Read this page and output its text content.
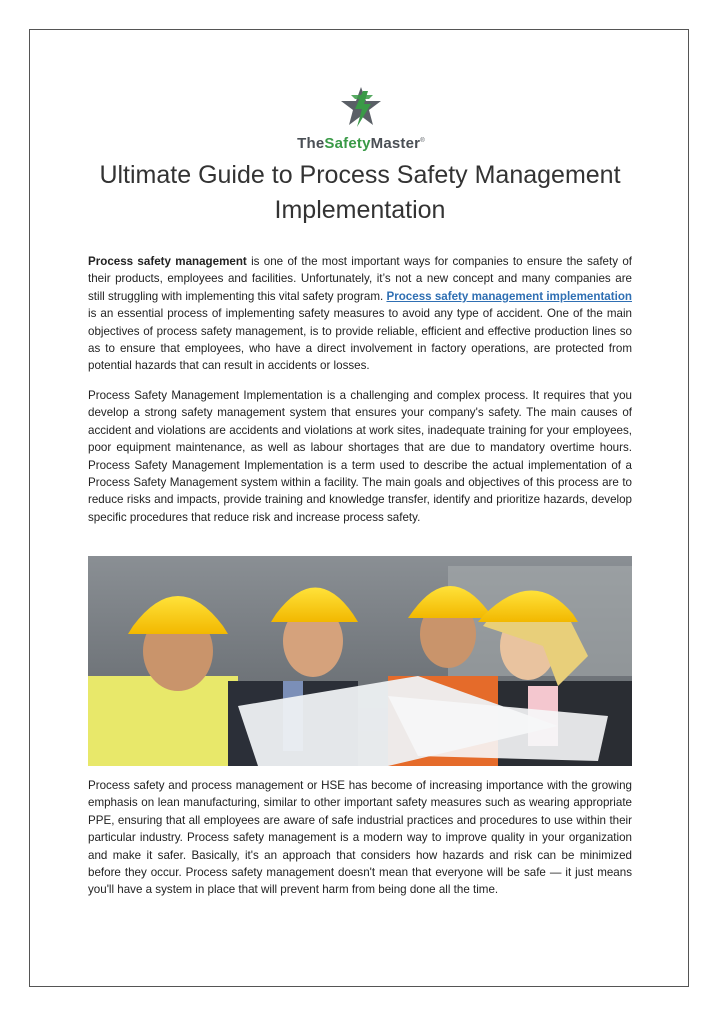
TheSafetyMaster®
Ultimate Guide to Process Safety Management
Implementation

Process safety management is one of the most important ways for companies to ensure the safety of their products, employees and facilities. Unfortunately, it’s not a new concept and many companies are still struggling with implementing this vital safety program. Process safety management implementation is an essential process of implementing safety measures to avoid any type of accident. One of the main objectives of process safety management, is to provide reliable, efficient and effective production lines so as to ensure that employees, who have a direct involvement in factory operations, are protected from potential hazards that can result in accidents or losses.

Process Safety Management Implementation is a challenging and complex process. It requires that you develop a strong safety management system that ensures your company's safety. The main causes of accident and violations are accidents and violations at work sites, inadequate training for your employees, poor equipment maintenance, as well as labour shortages that are due to mandatory overtime hours. Process Safety Management Implementation is a term used to describe the actual implementation of a Process Safety Management system within a facility. The main goals and objectives of this process are to reduce risks and impacts, provide training and knowledge transfer, identify and prioritize hazards, develop specific procedures that reduce risk and increase process safety.

Process safety and process management or HSE has become of increasing importance with the growing emphasis on lean manufacturing, similar to other important safety measures such as wearing appropriate PPE, ensuring that all employees are aware of safe industrial practices and procedures to use within their particular industry. Process safety management is a modern way to improve quality in your organization and make it safer. Basically, it's an approach that considers how hazards and risk can be minimized before they occur. Process safety management doesn't mean that everyone will be safe — it just means you'll have a system in place that will prevent harm from being done all the time.
